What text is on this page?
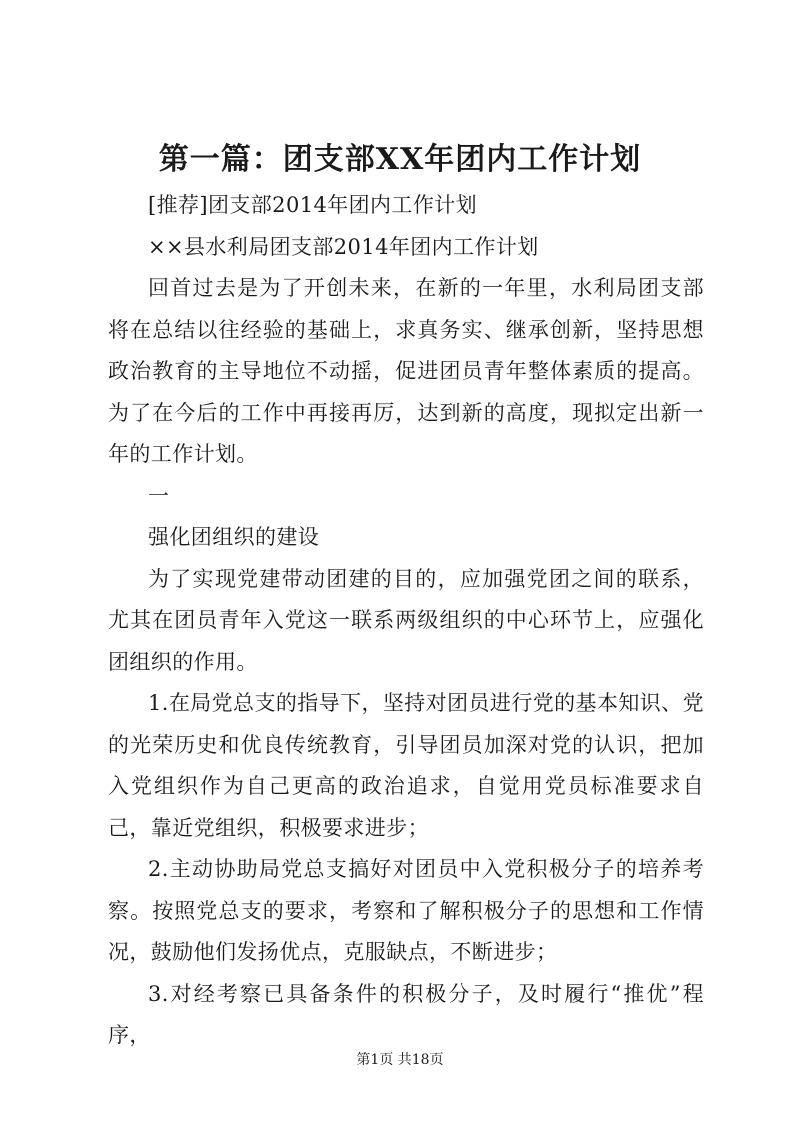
第一篇：团支部XX年团内工作计划

[推荐]团支部2014年团内工作计划

××县水利局团支部2014年团内工作计划

回首过去是为了开创未来，在新的一年里，水利局团支部将在总结以往经验的基础上，求真务实、继承创新，坚持思想政治教育的主导地位不动摇，促进团员青年整体素质的提高。为了在今后的工作中再接再厉，达到新的高度，现拟定出新一年的工作计划。

一

强化团组织的建设

为了实现党建带动团建的目的，应加强党团之间的联系，尤其在团员青年入党这一联系两级组织的中心环节上，应强化团组织的作用。

1.在局党总支的指导下，坚持对团员进行党的基本知识、党的光荣历史和优良传统教育，引导团员加深对党的认识，把加入党组织作为自己更高的政治追求，自觉用党员标准要求自己，靠近党组织，积极要求进步；

2.主动协助局党总支搞好对团员中入党积极分子的培养考察。按照党总支的要求，考察和了解积极分子的思想和工作情况，鼓励他们发扬优点，克服缺点，不断进步；

3.对经考察已具备条件的积极分子，及时履行“推优”程序，

第1页 共18页
